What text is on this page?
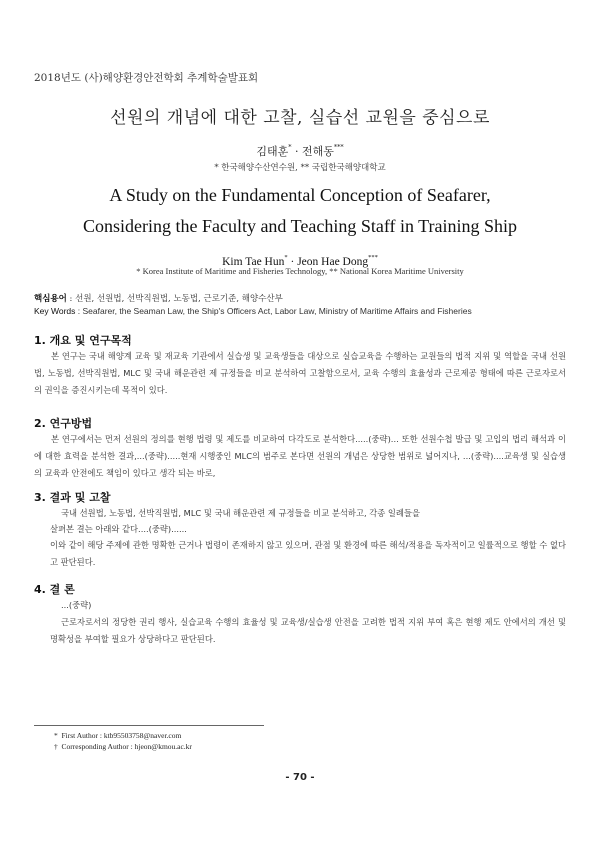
2018년도 (사)해양환경안전학회 추계학술발표회
선원의 개념에 대한 고찰, 실습선 교원을 중심으로
김태훈* · 전해동***
* 한국해양수산연수원, ** 국립한국해양대학교
A Study on the Fundamental Conception of Seafarer,
Considering the Faculty and Teaching Staff in Training Ship
Kim Tae Hun* · Jeon Hae Dong***
* Korea Institute of Maritime and Fisheries Technology, ** National Korea Maritime University
핵심용어 : 선원, 선원법, 선박직원법, 노동법, 근로기준, 해양수산부
Key Words : Seafarer, the Seaman Law, the Ship's Officers Act, Labor Law, Ministry of Maritime Affairs and Fisheries
1. 개요 및 연구목적
본 연구는 국내 해양계 교육 및 재교육 기관에서 실습생 및 교육생들을 대상으로 실습교육을 수행하는 교원들의 법적 지위 및 역할을 국내 선원법, 노동법, 선박직원법, MLC 및 국내 해운관련 제 규정들을 비교 분석하여 고찰함으로서, 교육 수행의 효율성과 근로제공 형태에 따른 근로자로서의 권익을 증진시키는데 목적이 있다.
2. 연구방법
본 연구에서는 먼저 선원의 정의를 현행 법령 및 제도를 비교하여 다각도로 분석한다.....(중략)... 또한 선원수첩 발급 및 고입의 법리 해석과 이에 대한 효력을 분석한 결과,...(중략).....현재 시행중인 MLC의 범주로 본다면 선원의 개념은 상당한 범위로 넓어지나, ...(중략)....교육생 및 실습생의 교육과 안전에도 책임이 있다고 생각 되는 바로,
3. 결과 및 고찰
국내 선원법, 노동법, 선박직원법, MLC 및 국내 해운관련 제 규정들을 비교 분석하고, 각종 일례들을
살펴본 결는 아래와 같다....(중략)......
이와 같이 해당 주제에 관한 명확한 근거나 법령이 존재하지 않고 있으며, 관점 및 환경에 따른 해석/적용을 독자적이고 일률적으로 행할 수 없다고 판단된다.
4. 결 론
...(중략)
근로자로서의 정당한 권리 행사, 실습교육 수행의 효율성 및 교육생/실습생 안전을 고려한 법적 지위 부여 혹은 현행 제도 안에서의 개선 및 명확성을 부여할 필요가 상당하다고 판단된다.
* First Author : ktb9550375​8@naver.com
† Corresponding Author : hjeon@kmou.ac.kr
- 70 -
